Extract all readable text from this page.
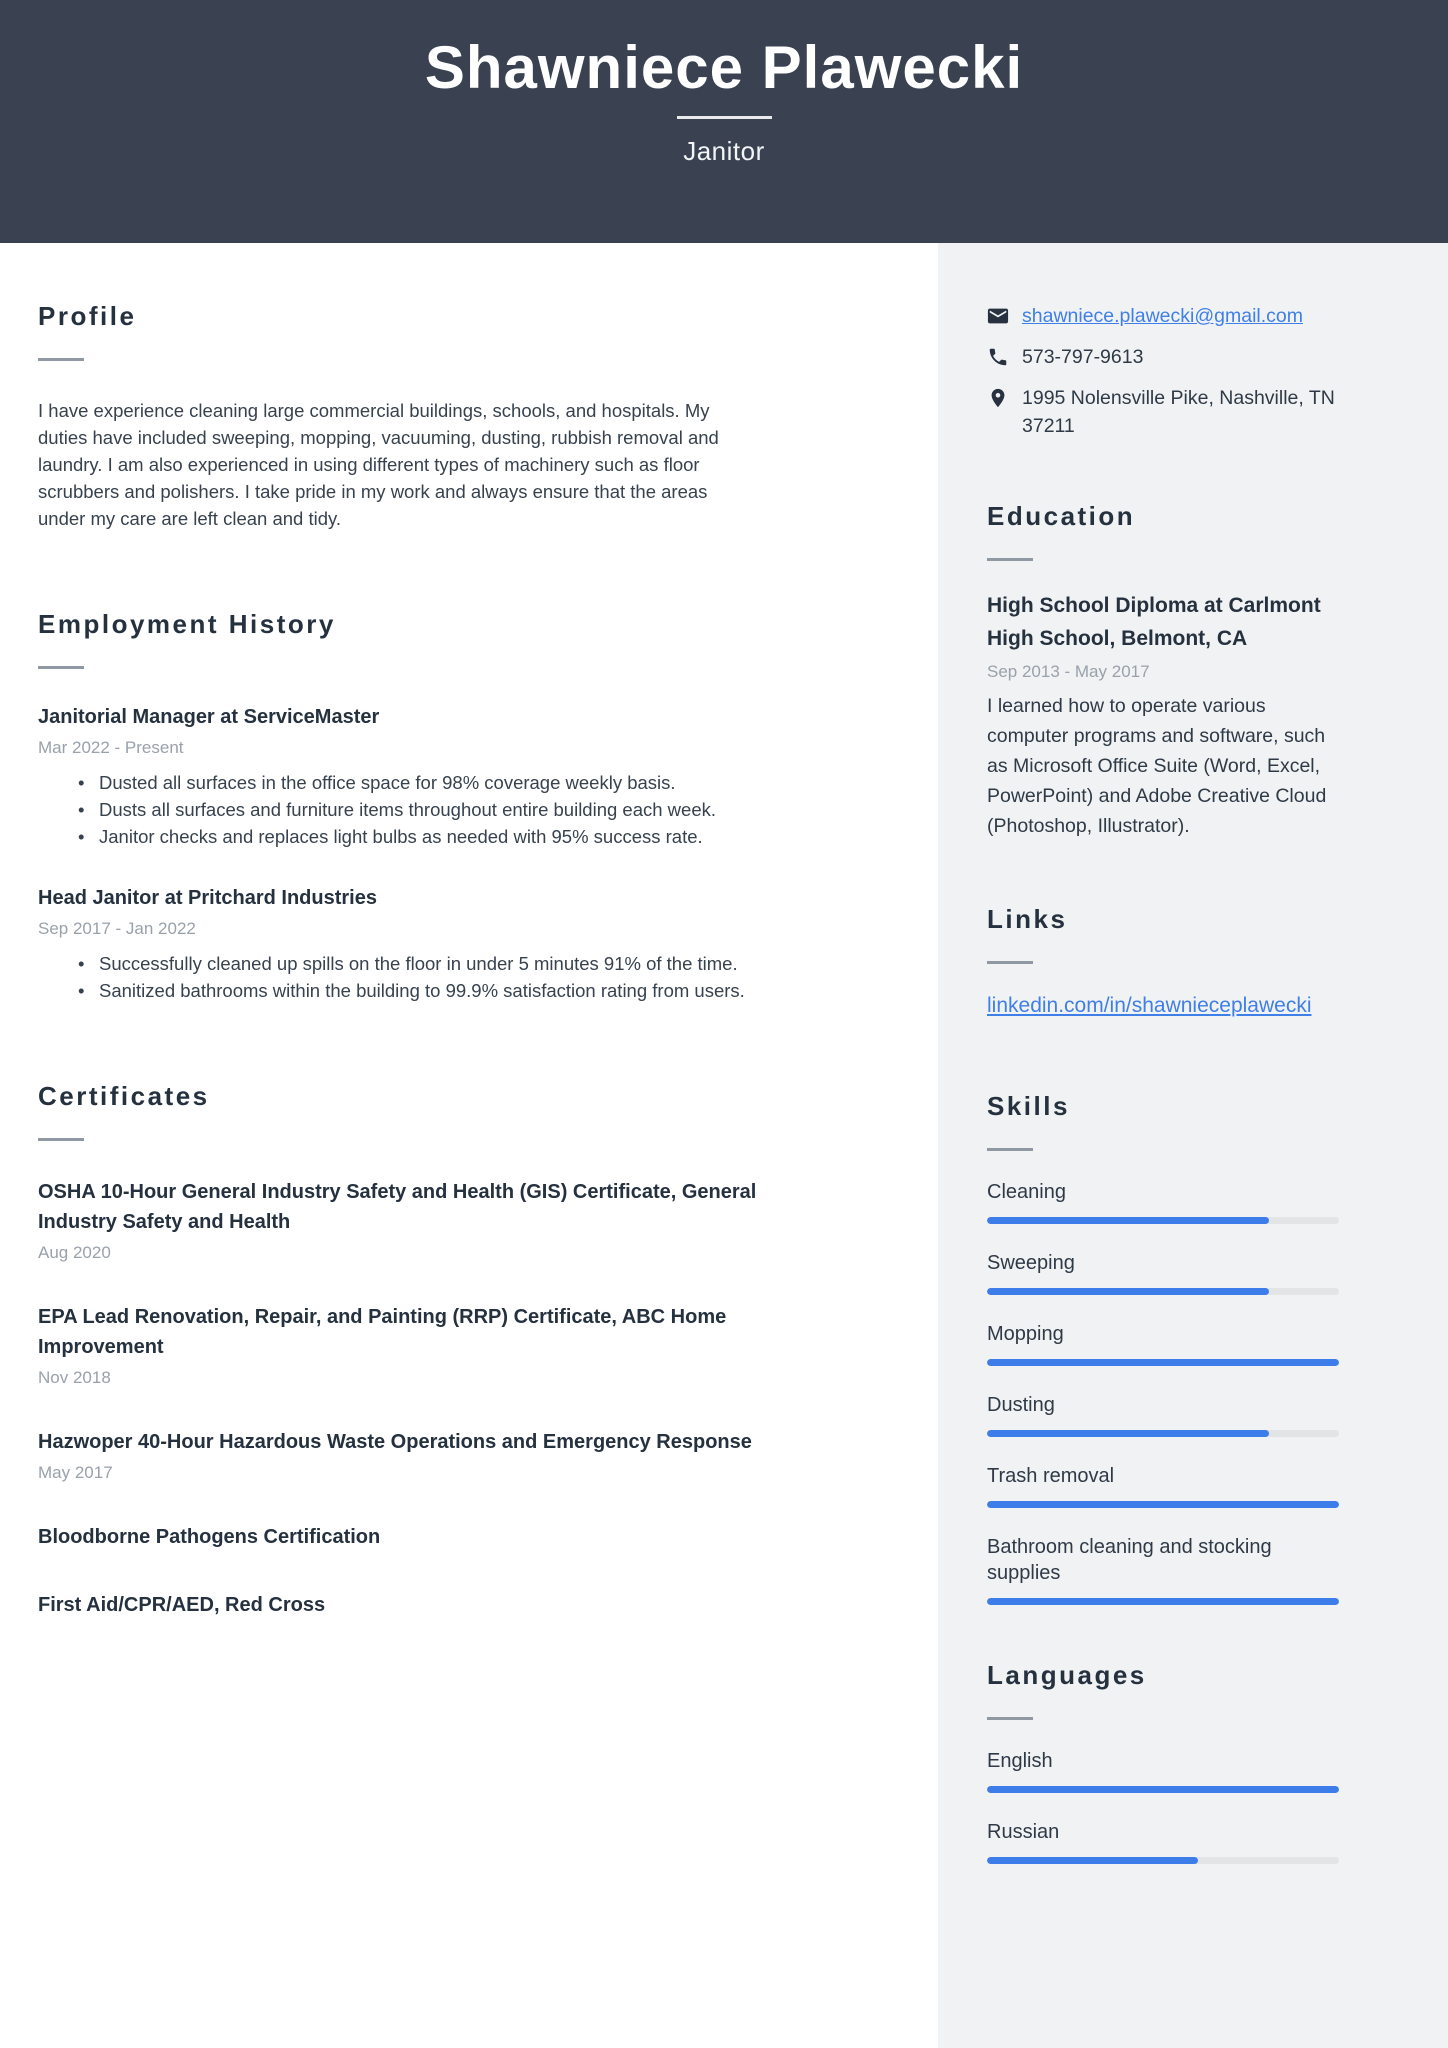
Shawniece Plawecki
Janitor
Profile

I have experience cleaning large commercial buildings, schools, and hospitals. My duties have included sweeping, mopping, vacuuming, dusting, rubbish removal and laundry. I am also experienced in using different types of machinery such as floor scrubbers and polishers. I take pride in my work and always ensure that the areas under my care are left clean and tidy.

Employment History
Janitorial Manager at ServiceMaster
Mar 2022 - Present
• Dusted all surfaces in the office space for 98% coverage weekly basis.
• Dusts all surfaces and furniture items throughout entire building each week.
• Janitor checks and replaces light bulbs as needed with 95% success rate.
Head Janitor at Pritchard Industries
Sep 2017 - Jan 2022
• Successfully cleaned up spills on the floor in under 5 minutes 91% of the time.
• Sanitized bathrooms within the building to 99.9% satisfaction rating from users.
Certificates
OSHA 10-Hour General Industry Safety and Health (GIS) Certificate, General Industry Safety and Health
Aug 2020
EPA Lead Renovation, Repair, and Painting (RRP) Certificate, ABC Home Improvement
Nov 2018
Hazwoper 40-Hour Hazardous Waste Operations and Emergency Response
May 2017
Bloodborne Pathogens Certification
First Aid/CPR/AED, Red Cross
shawniece.plawecki@gmail.com
573-797-9613
1995 Nolensville Pike, Nashville, TN 37211
Education
High School Diploma at Carlmont High School, Belmont, CA
Sep 2013 - May 2017

I learned how to operate various computer programs and software, such as Microsoft Office Suite (Word, Excel, PowerPoint) and Adobe Creative Cloud (Photoshop, Illustrator).

Links
linkedin.com/in/shawnieceplawecki
Skills
Cleaning
Sweeping
Mopping
Dusting
Trash removal
Bathroom cleaning and stocking supplies
Languages
English
Russian
